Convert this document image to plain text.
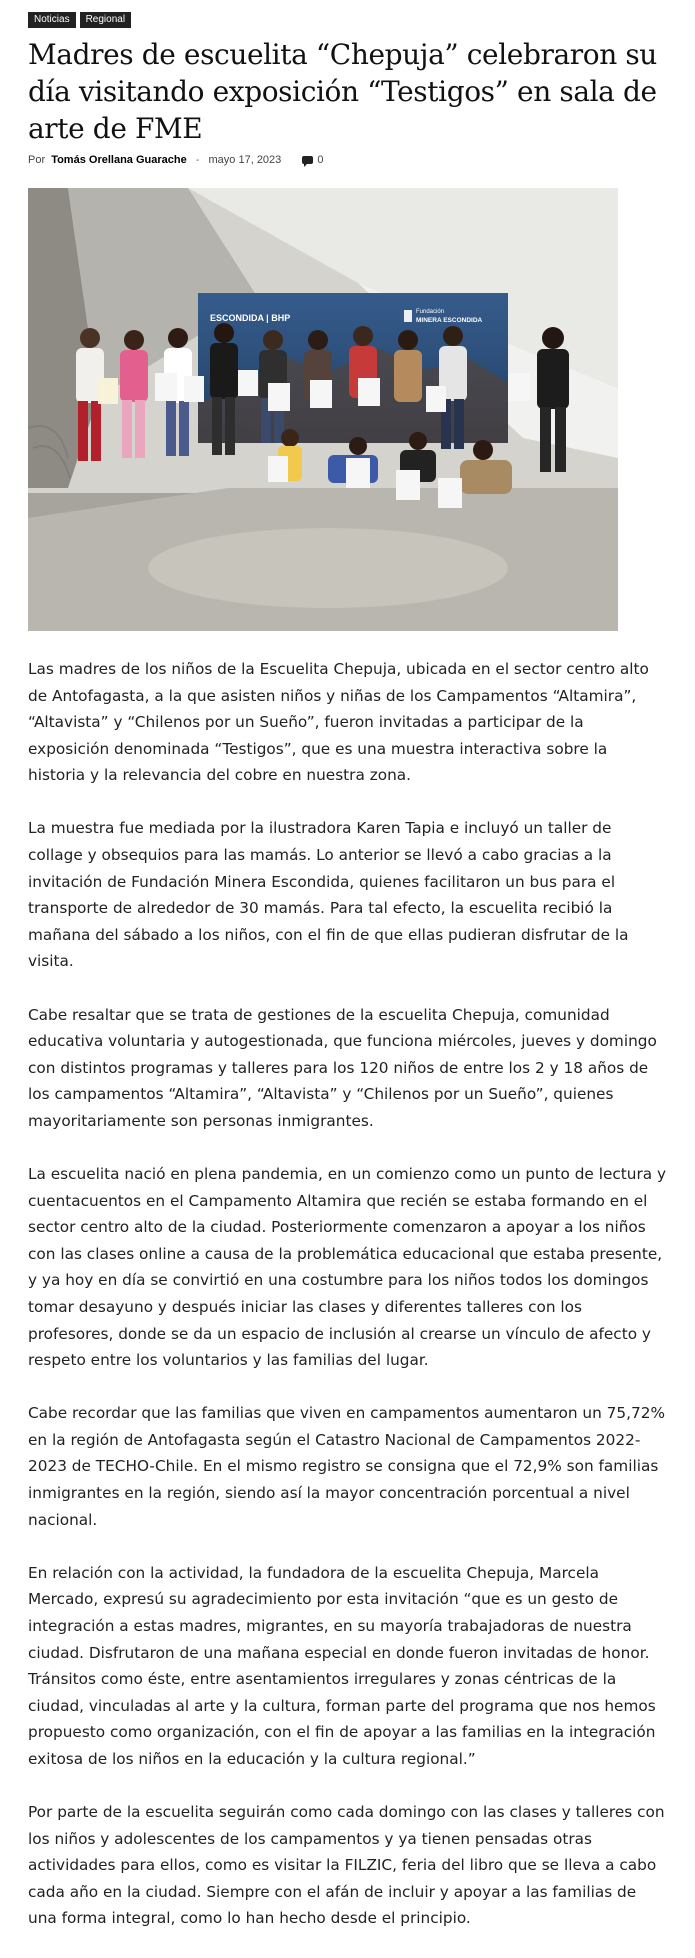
Noticias Regional
Madres de escuelita “Chepuja” celebraron su día visitando exposición “Testigos” en sala de arte de FME
Por Tomás Orellana Guarache - mayo 17, 2023	0
ESCONDIDA | BHP
Fundación
MINERA ESCONDIDA

Las madres de los niños de la Escuelita Chepuja, ubicada en el sector centro alto de Antofagasta, a la que asisten niños y niñas de los Campamentos “Altamira”, “Altavista” y “Chilenos por un Sueño”, fueron invitadas a participar de la exposición denominada “Testigos”, que es una muestra interactiva sobre la historia y la relevancia del cobre en nuestra zona.

La muestra fue mediada por la ilustradora Karen Tapia e incluyó un taller de collage y obsequios para las mamás. Lo anterior se llevó a cabo gracias a la invitación de Fundación Minera Escondida, quienes facilitaron un bus para el transporte de alrededor de 30 mamás. Para tal efecto, la escuelita recibió la mañana del sábado a los niños, con el fin de que ellas pudieran disfrutar de la visita.

Cabe resaltar que se trata de gestiones de la escuelita Chepuja, comunidad educativa voluntaria y autogestionada, que funciona miércoles, jueves y domingo con distintos programas y talleres para los 120 niños de entre los 2 y 18 años de los campamentos “Altamira”, “Altavista” y “Chilenos por un Sueño”, quienes mayoritariamente son personas inmigrantes.

La escuelita nació en plena pandemia, en un comienzo como un punto de lectura y cuentacuentos en el Campamento Altamira que recién se estaba formando en el sector centro alto de la ciudad. Posteriormente comenzaron a apoyar a los niños con las clases online a causa de la problemática educacional que estaba presente, y ya hoy en día se convirtió en una costumbre para los niños todos los domingos tomar desayuno y después iniciar las clases y diferentes talleres con los profesores, donde se da un espacio de inclusión al crearse un vínculo de afecto y respeto entre los voluntarios y las familias del lugar.

Cabe recordar que las familias que viven en campamentos aumentaron un 75,72% en la región de Antofagasta según el Catastro Nacional de Campamentos 2022-2023 de TECHO-Chile. En el mismo registro se consigna que el 72,9% son familias inmigrantes en la región, siendo así la mayor concentración porcentual a nivel nacional.

En relación con la actividad, la fundadora de la escuelita Chepuja, Marcela Mercado, expresú su agradecimiento por esta invitación “que es un gesto de integración a estas madres, migrantes, en su mayoría trabajadoras de nuestra ciudad. Disfrutaron de una mañana especial en donde fueron invitadas de honor. Tránsitos como éste, entre asentamientos irregulares y zonas céntricas de la ciudad, vinculadas al arte y la cultura, forman parte del programa que nos hemos propuesto como organización, con el fin de apoyar a las familias en la integración exitosa de los niños en la educación y la cultura regional.”

Por parte de la escuelita seguirán como cada domingo con las clases y talleres con los niños y adolescentes de los campamentos y ya tienen pensadas otras actividades para ellos, como es visitar la FILZIC, feria del libro que se lleva a cabo cada año en la ciudad. Siempre con el afán de incluir y apoyar a las familias de una forma integral, como lo han hecho desde el principio.
